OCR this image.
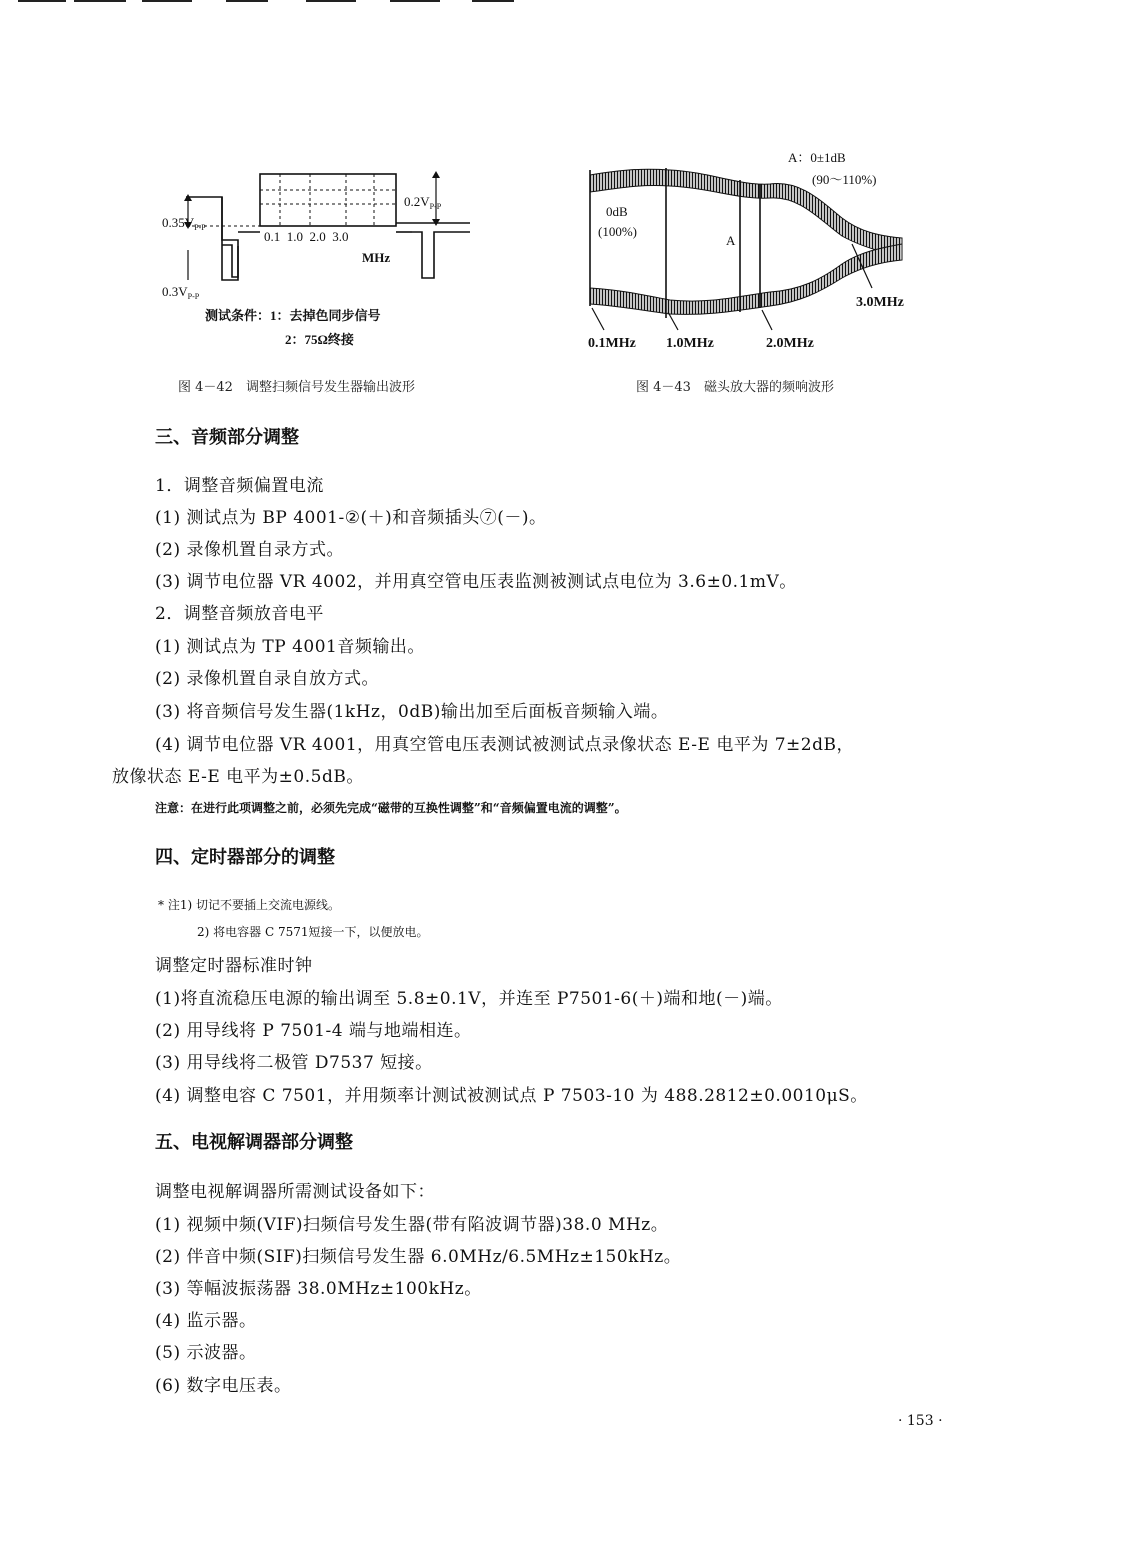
$0.35V_{P-P}$
$0.3V_{P-P}$
$0.2V_{P-P}$
0.1  1.0  2.0  3.0
MHz
测试条件：1：去掉色同步信号
2：75Ω终接
图 4－42　调整扫频信号发生器输出波形
A：0±1dB
(90～110%)
0dB
(100%)
A
0.1MHz 1.0MHz	2.0MHz
3.0MHz
图 4－43　磁头放大器的频响波形
三、音频部分调整
1．调整音频偏置电流
(1) 测试点为 BP 4001-②(＋)和音频插头⑦(－)。
(2) 录像机置自录方式。
(3) 调节电位器 VR 4002，并用真空管电压表监测被测试点电位为 3.6±0.1mV。
2．调整音频放音电平
(1) 测试点为 TP 4001音频输出。
(2) 录像机置自录自放方式。
(3) 将音频信号发生器(1kHz，0dB)输出加至后面板音频输入端。
(4) 调节电位器 VR 4001，用真空管电压表测试被测试点录像状态 E-E 电平为 7±2dB，
放像状态 E-E 电平为±0.5dB。
注意：在进行此项调整之前，必须先完成“磁带的互换性调整”和“音频偏置电流的调整”。
四、定时器部分的调整
* 注1) 切记不要插上交流电源线。
2) 将电容器 C 7571短接一下，以便放电。
调整定时器标准时钟
(1)将直流稳压电源的输出调至 5.8±0.1V，并连至 P7501-6(＋)端和地(－)端。
(2) 用导线将 P 7501-4 端与地端相连。
(3) 用导线将二极管 D7537 短接。
(4) 调整电容 C 7501，并用频率计测试被测试点 P 7503-10 为 488.2812±0.0010μS。
五、电视解调器部分调整
调整电视解调器所需测试设备如下：
(1) 视频中频(VIF)扫频信号发生器(带有陷波调节器)38.0 MHz。
(2) 伴音中频(SIF)扫频信号发生器 6.0MHz/6.5MHz±150kHz。
(3) 等幅波振荡器 38.0MHz±100kHz。
(4) 监示器。
(5) 示波器。
(6) 数字电压表。
· 153 ·
